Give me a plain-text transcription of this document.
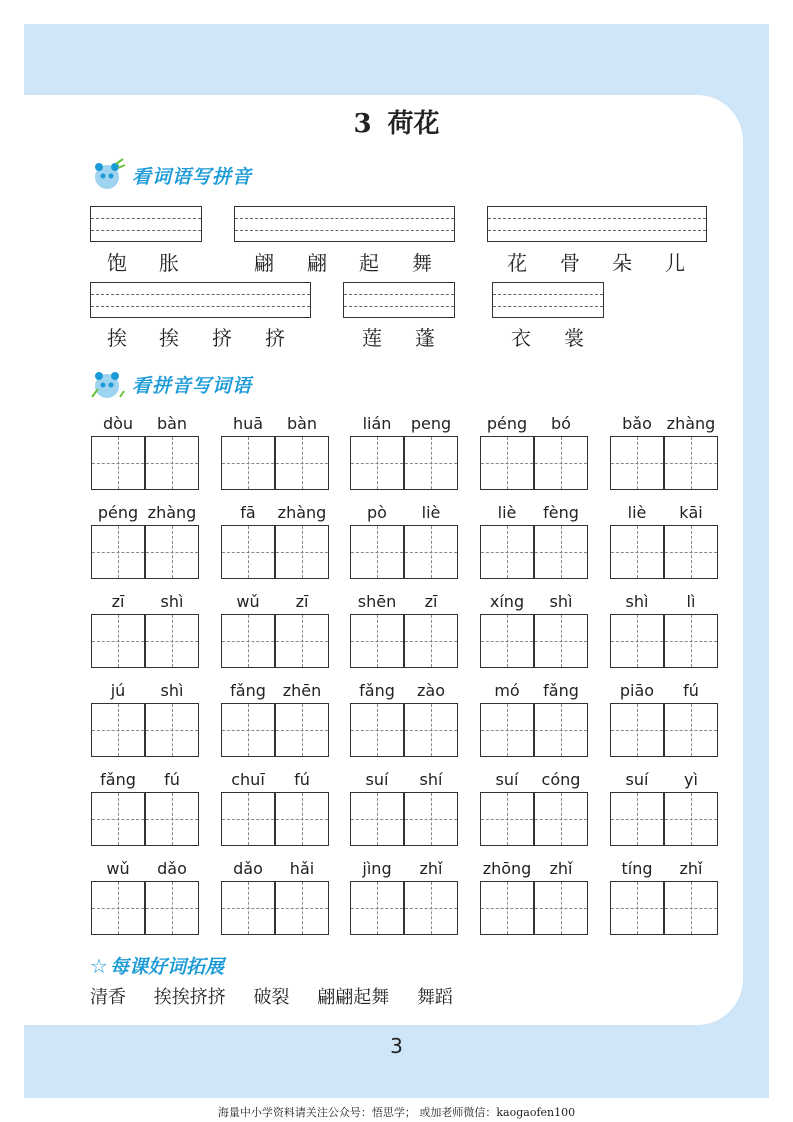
3 荷花
看词语写拼音
饱 胀	翩 翩 起 舞	花 骨 朵 儿
挨 挨 挤 挤	莲 蓬	衣 裳
看拼音写词语
dòu	bàn	huā	bàn	lián	peng	péng	bó	bǎo zhàng
péng zhàng	fā	zhàng	pò	liè	liè	fèng	liè	kāi
zī	shì	wǔ	zī	shēn	zī	xíng	shì	shì	lì
jú	shì	fǎng	zhēn	fǎng	zào	mó	fǎng	piāo	fú
fǎng	fú	chuī	fú	suí	shí	suí	cóng	suí	yì
wǔ	dǎo	dǎo	hǎi	jìng	zhǐ	zhōng	zhǐ	tíng	zhǐ
☆ 每课好词拓展
清香 挨挨挤挤 破裂 翩翩起舞 舞蹈
3
海量中小学资料请关注公众号：悟思学； 或加老师微信：kaogaofen100
